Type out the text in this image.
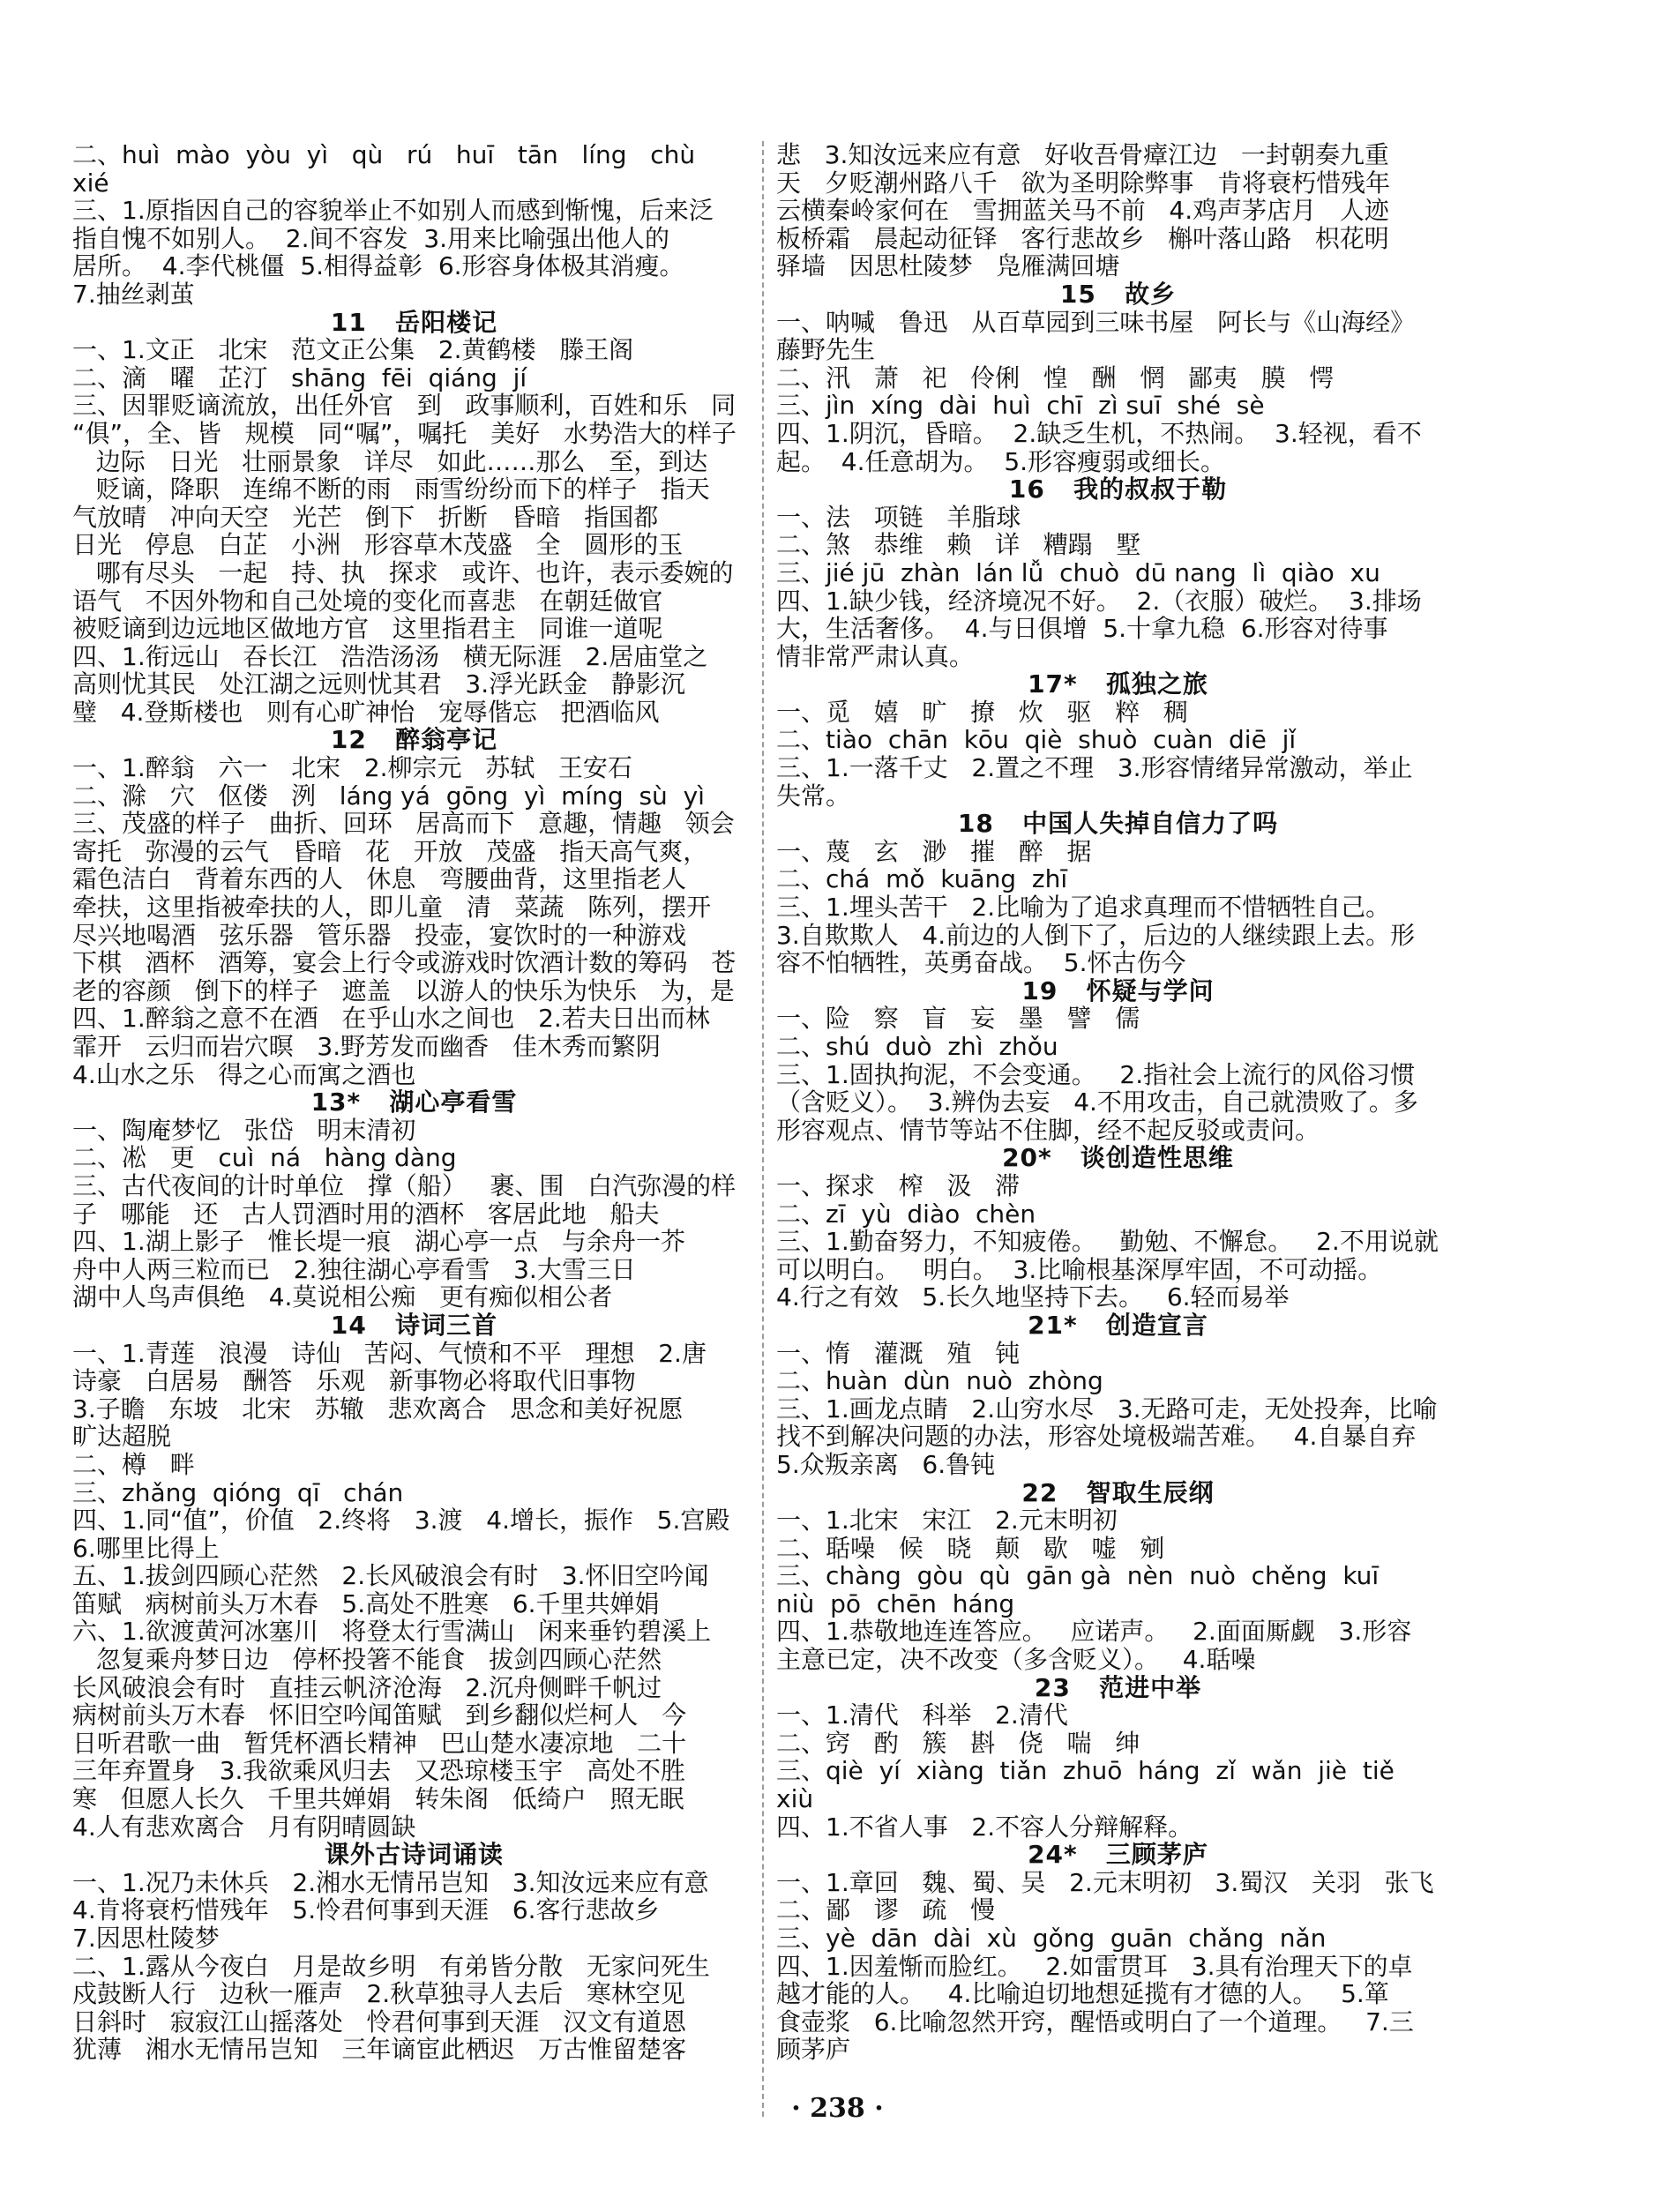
二、huì  mào  yòu  yì   qù   rú   huī   tān   líng   chù
xié
三、1.原指因自己的容貌举止不如别人而感到惭愧，后来泛
指自愧不如别人。  2.间不容发  3.用来比喻强出他人的
居所。  4.李代桃僵  5.相得益彰  6.形容身体极其消瘦。
7.抽丝剥茧
11   岳阳楼记
一、1.文正   北宋   范文正公集   2.黄鹤楼   滕王阁
二、滴   曜   芷汀   shāng  fēi  qiáng  jí
三、因罪贬谪流放，出任外官   到   政事顺利，百姓和乐   同
“俱”，全、皆   规模   同“嘱”，嘱托   美好   水势浩大的样子
边际   日光   壮丽景象   详尽   如此……那么   至，到达
贬谪，降职   连绵不断的雨   雨雪纷纷而下的样子   指天
气放晴   冲向天空   光芒   倒下   折断   昏暗   指国都
日光   停息   白芷   小洲   形容草木茂盛   全   圆形的玉
哪有尽头   一起   持、执   探求   或许、也许，表示委婉的
语气   不因外物和自己处境的变化而喜悲   在朝廷做官
被贬谪到边远地区做地方官   这里指君主   同谁一道呢
四、1.衔远山   吞长江   浩浩汤汤   横无际涯   2.居庙堂之
高则忧其民   处江湖之远则忧其君   3.浮光跃金   静影沉
璧   4.登斯楼也   则有心旷神怡   宠辱偕忘   把酒临风
12   醉翁亭记
一、1.醉翁   六一   北宋   2.柳宗元   苏轼   王安石
二、滁   穴   伛偻   洌   láng yá  gōng  yì  míng  sù  yì
三、茂盛的样子   曲折、回环   居高而下   意趣，情趣   领会
寄托   弥漫的云气   昏暗   花   开放   茂盛   指天高气爽，
霜色洁白   背着东西的人   休息   弯腰曲背，这里指老人
牵扶，这里指被牵扶的人，即儿童   清   菜蔬   陈列，摆开
尽兴地喝酒   弦乐器   管乐器   投壶，宴饮时的一种游戏
下棋   酒杯   酒筹，宴会上行令或游戏时饮酒计数的筹码   苍
老的容颜   倒下的样子   遮盖   以游人的快乐为快乐   为，是
四、1.醉翁之意不在酒   在乎山水之间也   2.若夫日出而林
霏开   云归而岩穴暝   3.野芳发而幽香   佳木秀而繁阴
4.山水之乐   得之心而寓之酒也
13*   湖心亭看雪
一、陶庵梦忆   张岱   明末清初
二、凇   更   cuì  ná   hàng dàng
三、古代夜间的计时单位   撑（船）   裹、围   白汽弥漫的样
子   哪能   还   古人罚酒时用的酒杯   客居此地   船夫
四、1.湖上影子   惟长堤一痕   湖心亭一点   与余舟一芥
舟中人两三粒而已   2.独往湖心亭看雪   3.大雪三日
湖中人鸟声俱绝   4.莫说相公痴   更有痴似相公者
14   诗词三首
一、1.青莲   浪漫   诗仙   苦闷、气愤和不平   理想   2.唐
诗豪   白居易   酬答   乐观   新事物必将取代旧事物
3.子瞻   东坡   北宋   苏辙   悲欢离合   思念和美好祝愿
旷达超脱
二、樽   畔
三、zhǎng  qióng  qī   chán
四、1.同“值”，价值   2.终将   3.渡   4.增长，振作   5.宫殿
6.哪里比得上
五、1.拔剑四顾心茫然   2.长风破浪会有时   3.怀旧空吟闻
笛赋   病树前头万木春   5.高处不胜寒   6.千里共婵娟
六、1.欲渡黄河冰塞川   将登太行雪满山   闲来垂钓碧溪上
忽复乘舟梦日边   停杯投箸不能食   拔剑四顾心茫然
长风破浪会有时   直挂云帆济沧海   2.沉舟侧畔千帆过
病树前头万木春   怀旧空吟闻笛赋   到乡翻似烂柯人   今
日听君歌一曲   暂凭杯酒长精神   巴山楚水凄凉地   二十
三年弃置身   3.我欲乘风归去   又恐琼楼玉宇   高处不胜
寒   但愿人长久   千里共婵娟   转朱阁   低绮户   照无眠
4.人有悲欢离合   月有阴晴圆缺
课外古诗词诵读
一、1.况乃未休兵   2.湘水无情吊岂知   3.知汝远来应有意
4.肯将衰朽惜残年   5.怜君何事到天涯   6.客行悲故乡
7.因思杜陵梦
二、1.露从今夜白   月是故乡明   有弟皆分散   无家问死生
戍鼓断人行   边秋一雁声   2.秋草独寻人去后   寒林空见
日斜时   寂寂江山摇落处   怜君何事到天涯   汉文有道恩
犹薄   湘水无情吊岂知   三年谪宦此栖迟   万古惟留楚客
悲   3.知汝远来应有意   好收吾骨瘴江边   一封朝奏九重
天   夕贬潮州路八千   欲为圣明除弊事   肯将衰朽惜残年
云横秦岭家何在   雪拥蓝关马不前   4.鸡声茅店月   人迹
板桥霜   晨起动征铎   客行悲故乡   槲叶落山路   枳花明
驿墙   因思杜陵梦   凫雁满回塘
15   故乡
一、呐喊   鲁迅   从百草园到三味书屋   阿长与《山海经》
藤野先生
二、汛   萧   祀   伶俐   惶   酬   惘   鄙夷   膜   愕
三、jìn  xíng  dài  huì  chī  zì suī  shé  sè
四、1.阴沉，昏暗。  2.缺乏生机，不热闹。  3.轻视，看不
起。  4.任意胡为。  5.形容瘦弱或细长。
16   我的叔叔于勒
一、法   项链   羊脂球
二、煞   恭维   赖   详   糟蹋   墅
三、jié jū  zhàn  lán lǚ  chuò  dū nang  lì  qiào  xu
四、1.缺少钱，经济境况不好。  2.（衣服）破烂。  3.排场
大，生活奢侈。  4.与日俱增  5.十拿九稳  6.形容对待事
情非常严肃认真。
17*   孤独之旅
一、觅   嬉   旷   撩   炊   驱   粹   稠
二、tiào  chān  kōu  qiè  shuò  cuàn  diē  jǐ
三、1.一落千丈   2.置之不理   3.形容情绪异常激动，举止
失常。
18   中国人失掉自信力了吗
一、蔑   玄   渺   摧   醉   据
二、chá  mǒ  kuāng  zhī
三、1.埋头苦干   2.比喻为了追求真理而不惜牺牲自己。
3.自欺欺人   4.前边的人倒下了，后边的人继续跟上去。形
容不怕牺牲，英勇奋战。  5.怀古伤今
19   怀疑与学问
一、险   察   盲   妄   墨   譬   儒
二、shú  duò  zhì  zhǒu
三、1.固执拘泥，不会变通。   2.指社会上流行的风俗习惯
（含贬义）。  3.辨伪去妄   4.不用攻击，自己就溃败了。多
形容观点、情节等站不住脚，经不起反驳或责问。
20*   谈创造性思维
一、探求   榨   汲   滞
二、zī  yù  diào  chèn
三、1.勤奋努力，不知疲倦。   勤勉、不懈怠。   2.不用说就
可以明白。   明白。  3.比喻根基深厚牢固，不可动摇。
4.行之有效   5.长久地坚持下去。   6.轻而易举
21*   创造宣言
一、惰   灌溉   殖   钝
二、huàn  dùn  nuò  zhòng
三、1.画龙点睛   2.山穷水尽   3.无路可走，无处投奔，比喻
找不到解决问题的办法，形容处境极端苦难。   4.自暴自弃
5.众叛亲离   6.鲁钝
22   智取生辰纲
一、1.北宋   宋江   2.元末明初
二、聒噪   候   晓   颠   歇   嘘   剜
三、chàng  gòu  qù  gān gà  nèn  nuò  chěng  kuī
niù  pō  chēn  háng
四、1.恭敬地连连答应。   应诺声。   2.面面厮觑   3.形容
主意已定，决不改变（多含贬义）。   4.聒噪
23   范进中举
一、1.清代   科举   2.清代
二、窍   酌   簇   斟   侥   喘   绅
三、qiè  yí  xiàng  tiǎn  zhuō  háng  zǐ  wǎn  jiè  tiě
xiù
四、1.不省人事   2.不容人分辩解释。
24*   三顾茅庐
一、1.章回   魏、蜀、吴   2.元末明初   3.蜀汉   关羽   张飞
二、鄙   谬   疏   慢
三、yè  dān  dài  xù  gǒng  guān  chǎng  nǎn
四、1.因羞惭而脸红。   2.如雷贯耳   3.具有治理天下的卓
越才能的人。   4.比喻迫切地想延揽有才德的人。   5.箪
食壶浆   6.比喻忽然开窍，醒悟或明白了一个道理。   7.三
顾茅庐
· 238 ·
